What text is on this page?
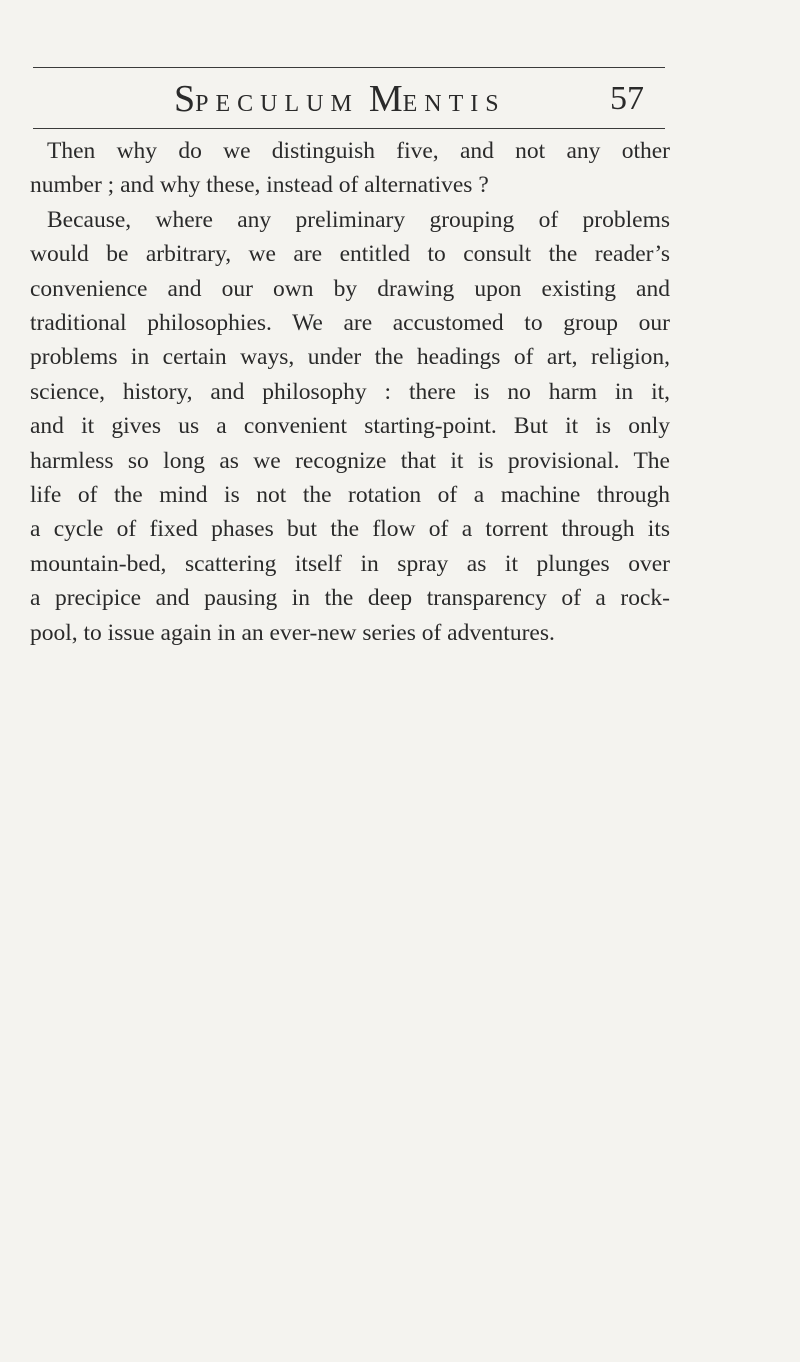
SPECULUM MENTIS	57
Then why do we distinguish five, and not any other
number ; and why these, instead of alternatives ?
Because, where any preliminary grouping of problems
would be arbitrary, we are entitled to consult the reader’s
convenience and our own by drawing upon existing and
traditional philosophies. We are accustomed to group our
problems in certain ways, under the headings of art, religion,
science, history, and philosophy : there is no harm in it,
and it gives us a convenient starting-point. But it is only
harmless so long as we recognize that it is provisional. The
life of the mind is not the rotation of a machine through
a cycle of fixed phases but the flow of a torrent through its
mountain-bed, scattering itself in spray as it plunges over
a precipice and pausing in the deep transparency of a rock-
pool, to issue again in an ever-new series of adventures.
